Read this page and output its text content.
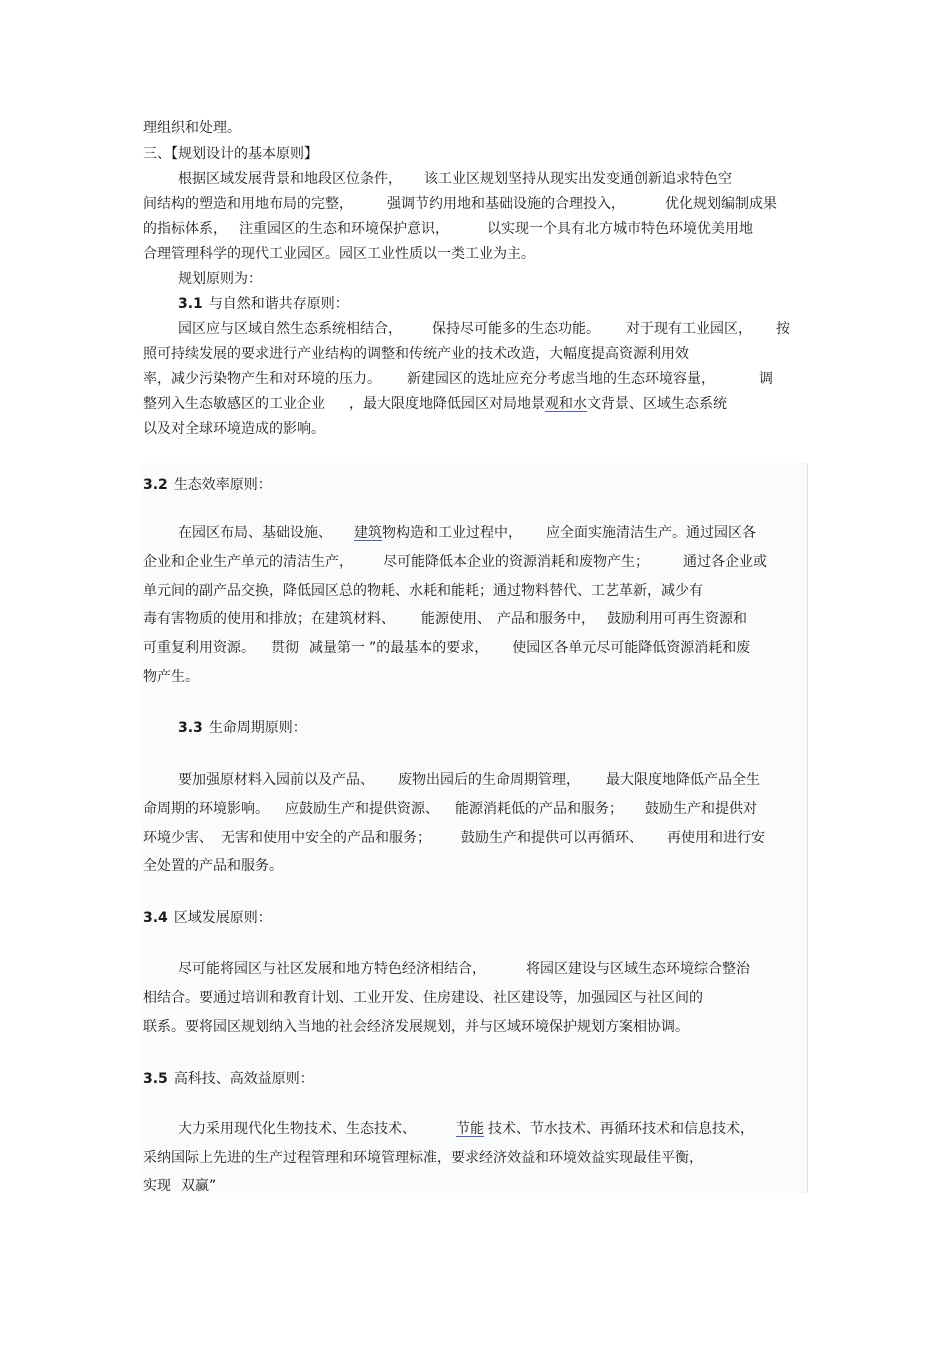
理组织和处理。
三、【规划设计的基本原则】
根据区域发展背景和地段区位条件， 该工业区规划坚持从现实出发变通创新追求特色空
间结构的塑造和用地布局的完整， 强调节约用地和基础设施的合理投入，	优化规划编制成果
的指标体系， 注重园区的生态和环境保护意识，	以实现一个具有北方城市特色环境优美用地
合理管理科学的现代工业园区。园区工业性质以一类工业为主。
规划原则为：
3.1 与自然和谐共存原则：
园区应与区域自然生态系统相结合， 保持尽可能多的生态功能。 对于现有工业园区， 按
照可持续发展的要求进行产业结构的调整和传统产业的技术改造，大幅度提高资源利用效
率，减少污染物产生和对环境的压力。 新建园区的选址应充分考虑当地的生态环境容量，	调
整列入生态敏感区的工业企业 ，最大限度地降低园区对局地景观和水文背景、区域生态系统
以及对全球环境造成的影响。
3.2 生态效率原则：
在园区布局、基础设施、 建筑物构造和工业过程中， 应全面实施清洁生产。通过园区各
企业和企业生产单元的清洁生产， 尽可能降低本企业的资源消耗和废物产生； 通过各企业或
单元间的副产品交换，降低园区总的物耗、水耗和能耗；通过物料替代、工艺革新，减少有
毒有害物质的使用和排放；在建筑材料、 能源使用、 产品和服务中， 鼓励利用可再生资源和
可重复利用资源。 贯彻 减量第一 ”的最基本的要求， 使园区各单元尽可能降低资源消耗和废
物产生。
3.3 生命周期原则：
要加强原材料入园前以及产品、 废物出园后的生命周期管理， 最大限度地降低产品全生
命周期的环境影响。 应鼓励生产和提供资源、 能源消耗低的产品和服务； 鼓励生产和提供对
环境少害、 无害和使用中安全的产品和服务； 鼓励生产和提供可以再循环、 再使用和进行安
全处置的产品和服务。
3.4 区域发展原则：
尽可能将园区与社区发展和地方特色经济相结合，	将园区建设与区域生态环境综合整治
相结合。要通过培训和教育计划、工业开发、住房建设、社区建设等，加强园区与社区间的
联系。要将园区规划纳入当地的社会经济发展规划，并与区域环境保护规划方案相协调。
3.5 高科技、高效益原则：
大力采用现代化生物技术、生态技术、	节能 技术、节水技术、再循环技术和信息技术，
采纳国际上先进的生产过程管理和环境管理标准，要求经济效益和环境效益实现最佳平衡，
实现 双赢”
